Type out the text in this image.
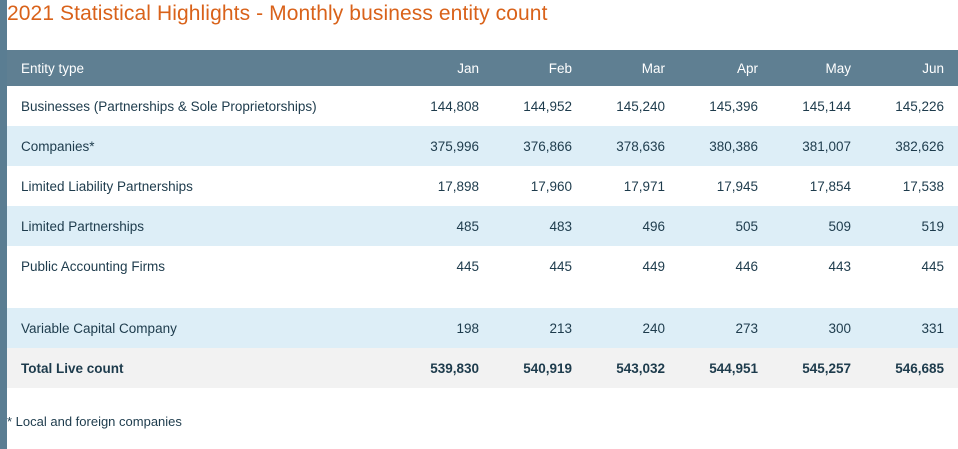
2021 Statistical Highlights - Monthly business entity count
Entity type	Jan	Feb	Mar	Apr	May	Jun
Businesses (Partnerships & Sole Proprietorships)	144,808	144,952	145,240	145,396	145,144	145,226
Companies*	375,996	376,866	378,636	380,386	381,007	382,626
Limited Liability Partnerships	17,898	17,960	17,971	17,945	17,854	17,538
Limited Partnerships	485	483	496	505	509	519
Public Accounting Firms	445	445	449	446	443	445

Variable Capital Company	198	213	240	273	300	331
Total Live count	539,830	540,919	543,032	544,951	545,257	546,685
* Local and foreign companies
